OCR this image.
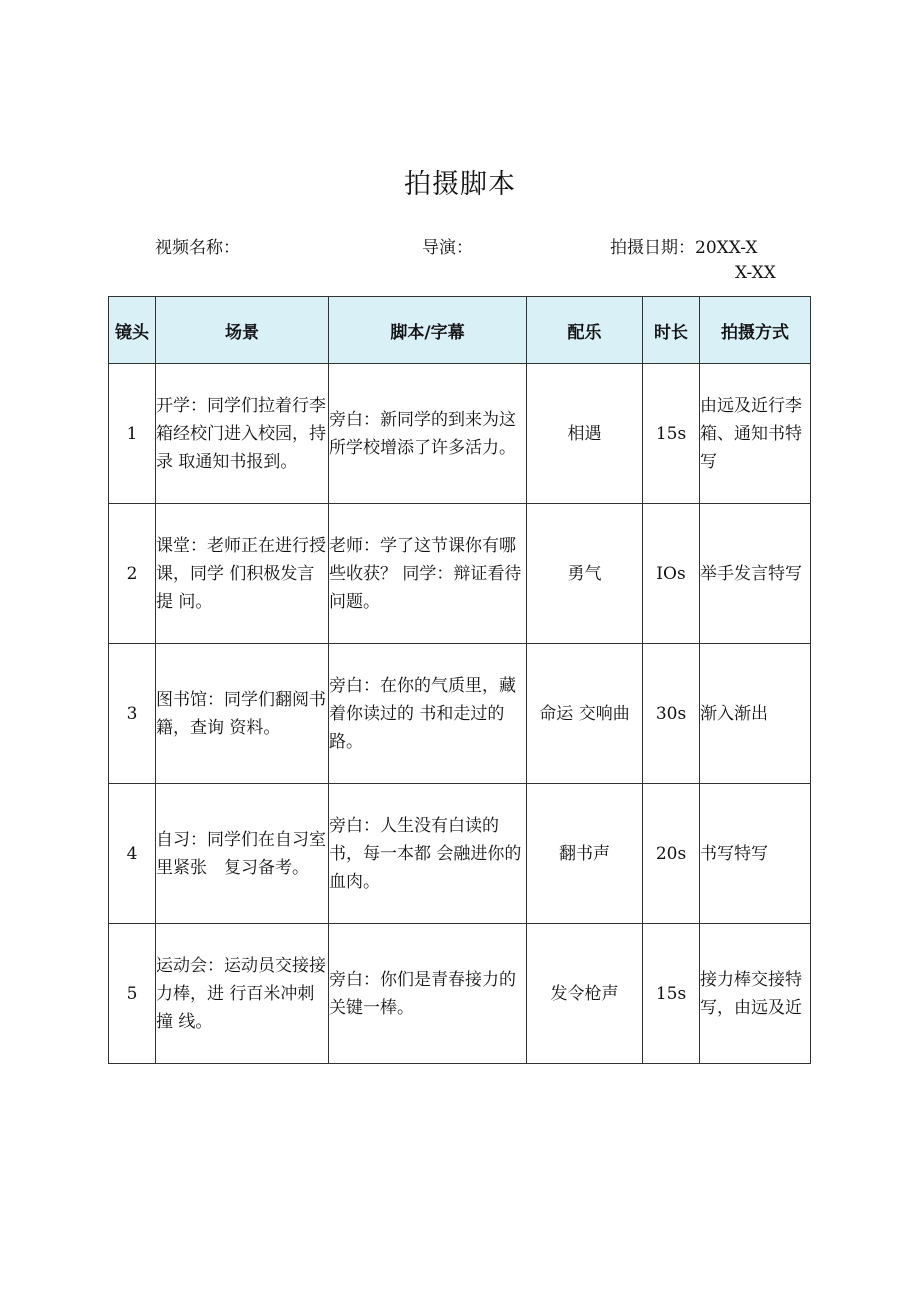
拍摄脚本
视频名称：	导演：	拍摄日期：20XX-X
X-XX
镜头	场景	脚本/字幕	配乐	时长	拍摄方式
1	开学：同学们拉着行李箱经校门进入校园，持录 取通知书报到。	旁白：新同学的到来为这所学校增添了许多活力。	相遇	15s	由远及近行李箱、通知书特写
2	课堂：老师正在进行授课，同学 们积极发言提 问。	老师：学了这节课你有哪些收获？ 同学：辩证看待问题。	勇气	IOs	举手发言特写
3	图书馆：同学们翻阅书籍，查询 资料。	旁白：在你的气质里，藏着你读过的 书和走过的路。	命运 交响曲	30s	渐入渐出
4	自习：同学们在自习室里紧张　复习备考。	旁白：人生没有白读的书，每一本都 会融进你的血肉。	翻书声	20s	书写特写
5	运动会：运动员交接接力棒，进 行百米冲刺撞 线。	旁白：你们是青春接力的关键一棒。	发令枪声	15s	接力棒交接特写，由远及近
